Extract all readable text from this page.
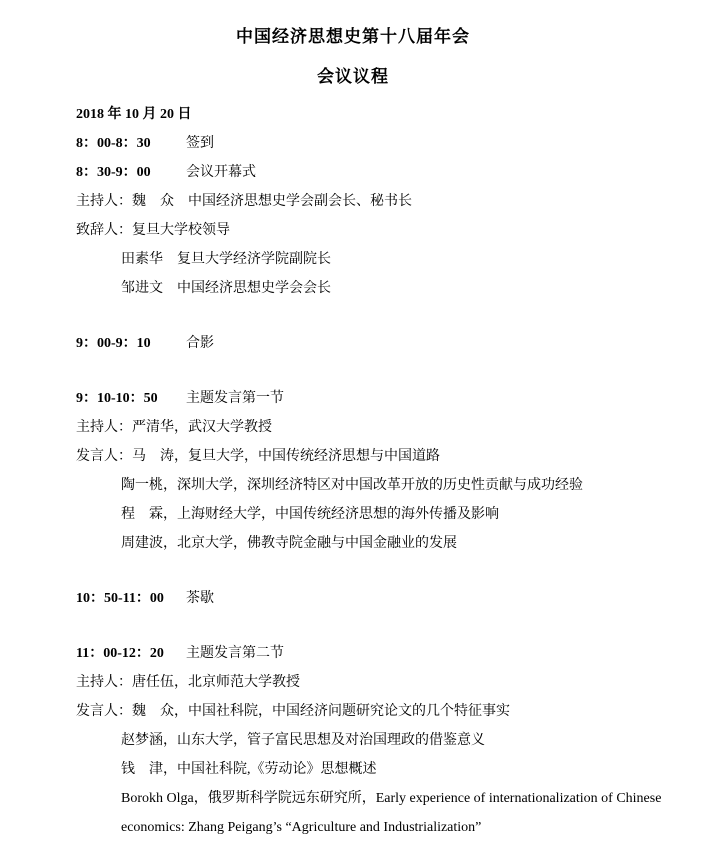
中国经济思想史第十八届年会
会议议程

2018 年 10 月 20 日

8：00-8：30	签到
8：30-9：00	会议开幕式
主持人：魏　众　中国经济思想史学会副会长、秘书长
致辞人：复旦大学校领导
田素华　复旦大学经济学院副院长
邹进文　中国经济思想史学会会长
9：00-9：10	合影
9：10-10：50 主题发言第一节
主持人：严清华，武汉大学教授
发言人：马　涛，复旦大学，中国传统经济思想与中国道路
陶一桃，深圳大学，深圳经济特区对中国改革开放的历史性贡献与成功经验
程　霖，上海财经大学，中国传统经济思想的海外传播及影响
周建波，北京大学，佛教寺院金融与中国金融业的发展
10：50-11：00 茶歇
11：00-12：20 主题发言第二节
主持人：唐任伍，北京师范大学教授
发言人：魏　众，中国社科院，中国经济问题研究论文的几个特征事实
赵梦涵，山东大学，管子富民思想及对治国理政的借鉴意义
钱　津，中国社科院,《劳动论》思想概述
Borokh Olga，俄罗斯科学院远东研究所，Early experience of internationalization of Chinese
economics: Zhang Peigang’s “Agriculture and Industrialization”
